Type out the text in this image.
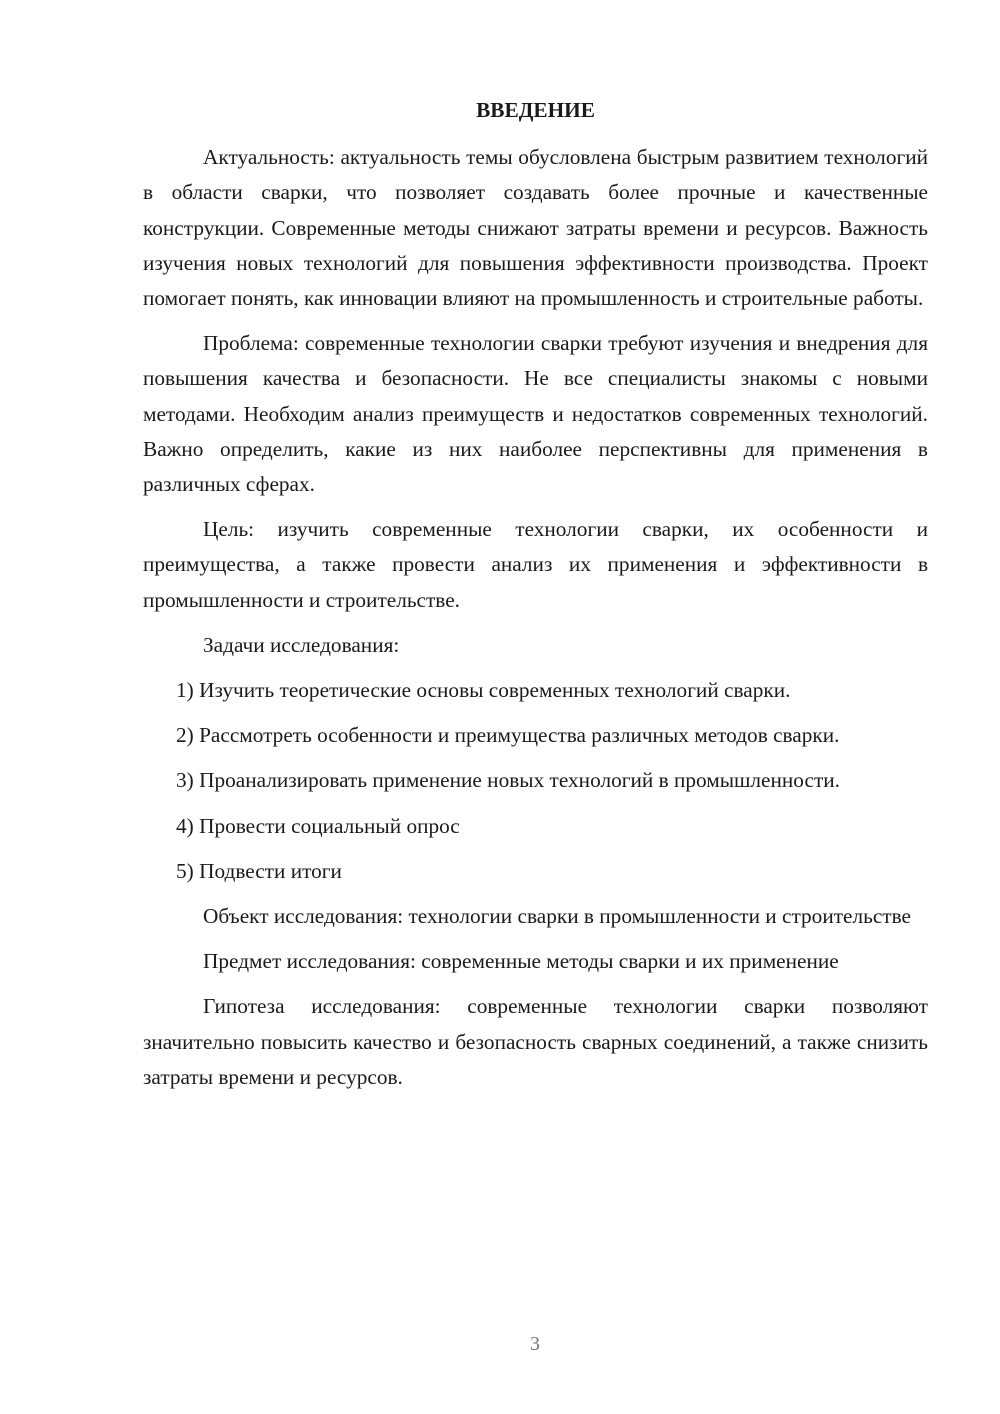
ВВЕДЕНИЕ

Актуальность: актуальность темы обусловлена быстрым развитием технологий в области сварки, что позволяет создавать более прочные и качественные конструкции. Современные методы снижают затраты времени и ресурсов. Важность изучения новых технологий для повышения эффективности производства. Проект помогает понять, как инновации влияют на промышленность и строительные работы.

Проблема: современные технологии сварки требуют изучения и внедрения для повышения качества и безопасности. Не все специалисты знакомы с новыми методами. Необходим анализ преимуществ и недостатков современных технологий. Важно определить, какие из них наиболее перспективны для применения в различных сферах.

Цель: изучить современные технологии сварки, их особенности и преимущества, а также провести анализ их применения и эффективности в промышленности и строительстве.

Задачи исследования:

1) Изучить теоретические основы современных технологий сварки.

2) Рассмотреть особенности и преимущества различных методов сварки.

3) Проанализировать применение новых технологий в промышленности.

4) Провести социальный опрос

5) Подвести итоги

Объект исследования: технологии сварки в промышленности и строительстве

Предмет исследования: современные методы сварки и их применение

Гипотеза исследования: современные технологии сварки позволяют значительно повысить качество и безопасность сварных соединений, а также снизить затраты времени и ресурсов.

3
